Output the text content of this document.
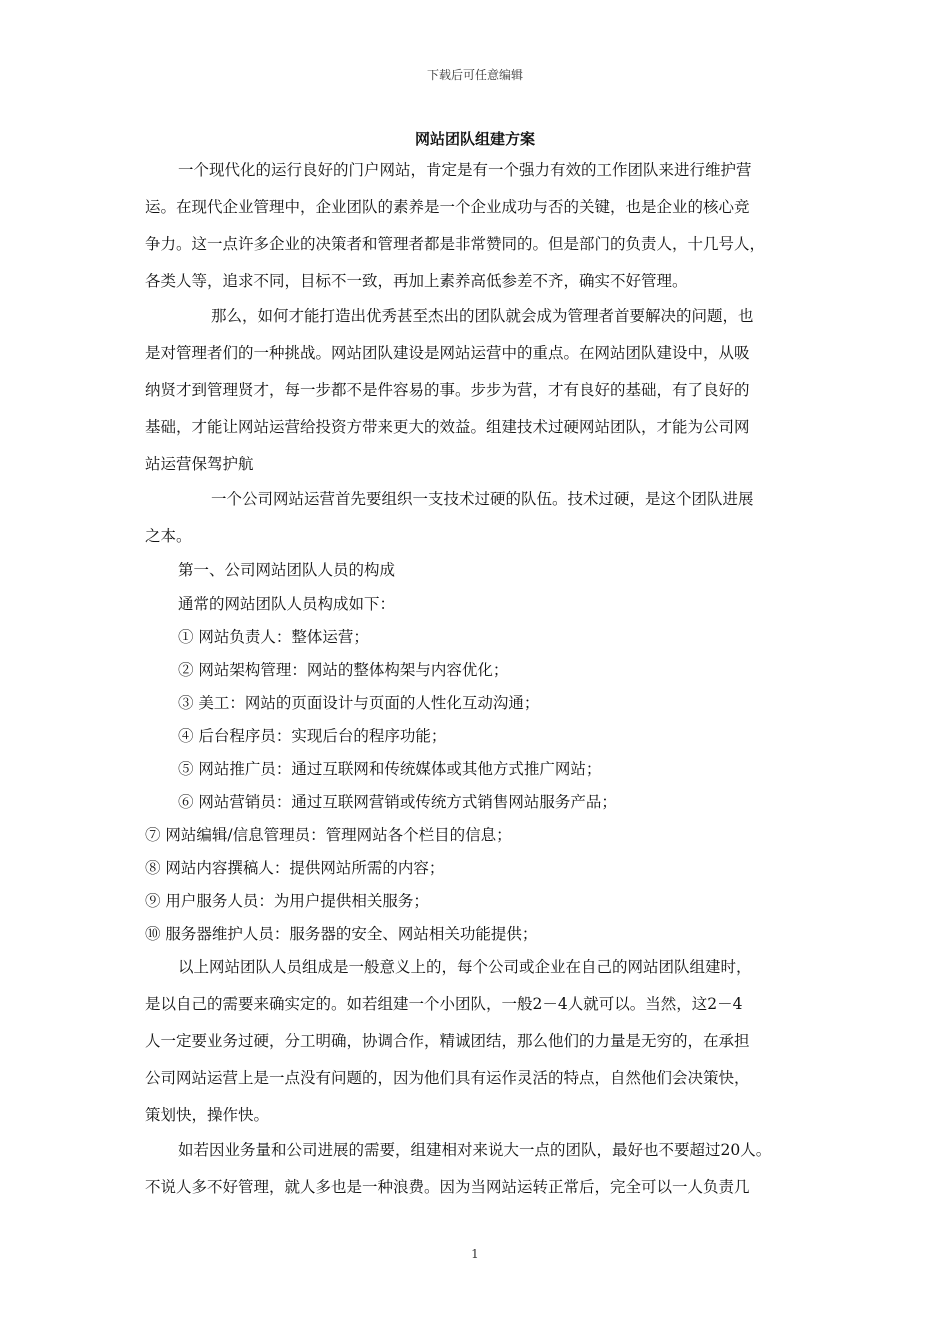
下载后可任意编辑
网站团队组建方案
一个现代化的运行良好的门户网站，肯定是有一个强力有效的工作团队来进行维护营
运。在现代企业管理中，企业团队的素养是一个企业成功与否的关键，也是企业的核心竞
争力。这一点许多企业的决策者和管理者都是非常赞同的。但是部门的负责人，十几号人，
各类人等，追求不同，目标不一致，再加上素养高低参差不齐，确实不好管理。
那么，如何才能打造出优秀甚至杰出的团队就会成为管理者首要解决的问题，也
是对管理者们的一种挑战。网站团队建设是网站运营中的重点。在网站团队建设中，从吸
纳贤才到管理贤才，每一步都不是件容易的事。步步为营，才有良好的基础，有了良好的
基础，才能让网站运营给投资方带来更大的效益。组建技术过硬网站团队，才能为公司网
站运营保驾护航
一个公司网站运营首先要组织一支技术过硬的队伍。技术过硬，是这个团队进展
之本。
第一、公司网站团队人员的构成
通常的网站团队人员构成如下：
① 网站负责人：整体运营；
② 网站架构管理：网站的整体构架与内容优化；
③ 美工：网站的页面设计与页面的人性化互动沟通；
④ 后台程序员：实现后台的程序功能；
⑤ 网站推广员：通过互联网和传统媒体或其他方式推广网站；
⑥ 网站营销员：通过互联网营销或传统方式销售网站服务产品；
⑦ 网站编辑/信息管理员：管理网站各个栏目的信息；
⑧ 网站内容撰稿人：提供网站所需的内容；
⑨ 用户服务人员：为用户提供相关服务；
⑩ 服务器维护人员：服务器的安全、网站相关功能提供；
以上网站团队人员组成是一般意义上的，每个公司或企业在自己的网站团队组建时，
是以自己的需要来确实定的。如若组建一个小团队，一般2－4人就可以。当然，这2－4
人一定要业务过硬，分工明确，协调合作，精诚团结，那么他们的力量是无穷的，在承担
公司网站运营上是一点没有问题的，因为他们具有运作灵活的特点，自然他们会决策快，
策划快，操作快。
如若因业务量和公司进展的需要，组建相对来说大一点的团队，最好也不要超过20人。
不说人多不好管理，就人多也是一种浪费。因为当网站运转正常后，完全可以一人负责几
1
